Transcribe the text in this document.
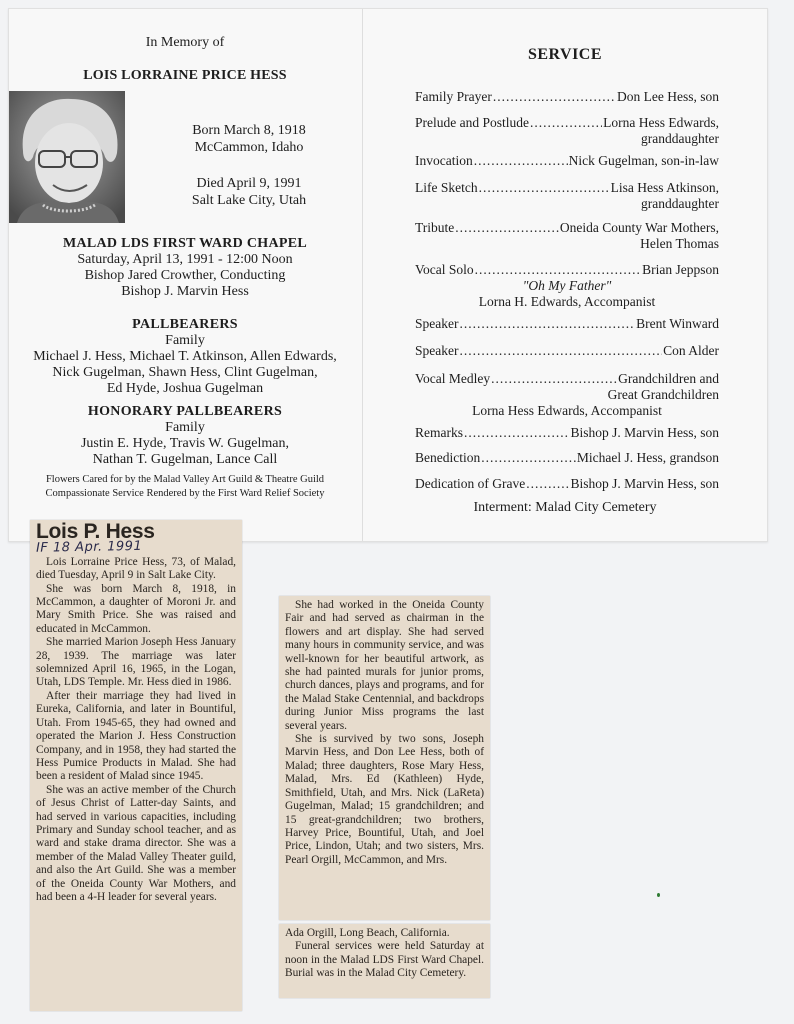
In Memory of
LOIS LORRAINE PRICE HESS
Born March 8, 1918
McCammon, Idaho
Died April 9, 1991
Salt Lake City, Utah
MALAD LDS FIRST WARD CHAPEL
Saturday, April 13, 1991 - 12:00 Noon
Bishop Jared Crowther, Conducting
Bishop J. Marvin Hess
PALLBEARERS
Family
Michael J. Hess, Michael T. Atkinson, Allen Edwards,
Nick Gugelman, Shawn Hess, Clint Gugelman,
Ed Hyde, Joshua Gugelman
HONORARY PALLBEARERS
Family
Justin E. Hyde, Travis W. Gugelman,
Nathan T. Gugelman, Lance Call
Flowers Cared for by the Malad Valley Art Guild & Theatre Guild
Compassionate Service Rendered by the First Ward Relief Society
SERVICE
Family Prayer .....	Don Lee Hess, son
Prelude and Postlude .....	Lorna Hess Edwards,
granddaughter
Invocation .....	Nick Gugelman, son-in-law
Life Sketch .....	Lisa Hess Atkinson,
granddaughter
Tribute .....	Oneida County War Mothers,
Helen Thomas
Vocal Solo .....	Brian Jeppson
"Oh My Father"
Lorna H. Edwards, Accompanist
Speaker .....	Brent Winward
Speaker .....	Con Alder
Vocal Medley .....	Grandchildren and
Great Grandchildren
Lorna Hess Edwards, Accompanist
Remarks .....	Bishop J. Marvin Hess, son
Benediction .....	Michael J. Hess, grandson
Dedication of Grave .....	Bishop J. Marvin Hess, son
Interment: Malad City Cemetery
Lois P. Hess
IF 18 Apr. 1991

Lois Lorraine Price Hess, 73, of Malad, died Tuesday, April 9 in Salt Lake City.

She was born March 8, 1918, in McCammon, a daughter of Moroni Jr. and Mary Smith Price. She was raised and educated in McCammon.

She married Marion Joseph Hess January 28, 1939. The marriage was later solemnized April 16, 1965, in the Logan, Utah, LDS Temple. Mr. Hess died in 1986.

After their marriage they had lived in Eureka, California, and later in Bountiful, Utah. From 1945-65, they had owned and operated the Marion J. Hess Construction Company, and in 1958, they had started the Hess Pumice Products in Malad. She had been a resident of Malad since 1945.

She was an active member of the Church of Jesus Christ of Latter-day Saints, and had served in various capacities, including Primary and Sunday school teacher, and as ward and stake drama director. She was a member of the Malad Valley Theater guild, and also the Art Guild. She was a member of the Oneida County War Mothers, and had been a 4-H leader for several years.

She had worked in the Oneida County Fair and had served as chairman in the flowers and art display. She had served many hours in community service, and was well-known for her beautiful artwork, as she had painted murals for junior proms, church dances, plays and programs, and for the Malad Stake Centennial, and backdrops during Junior Miss programs the last several years.

She is survived by two sons, Joseph Marvin Hess, and Don Lee Hess, both of Malad; three daughters, Rose Mary Hess, Malad, Mrs. Ed (Kathleen) Hyde, Smithfield, Utah, and Mrs. Nick (LaReta) Gugelman, Malad; 15 grandchildren; and 15 great-grandchildren; two brothers, Harvey Price, Bountiful, Utah, and Joel Price, Lindon, Utah; and two sisters, Mrs. Pearl Orgill, McCammon, and Mrs.

Ada Orgill, Long Beach, California.

Funeral services were held Saturday at noon in the Malad LDS First Ward Chapel. Burial was in the Malad City Cemetery.
